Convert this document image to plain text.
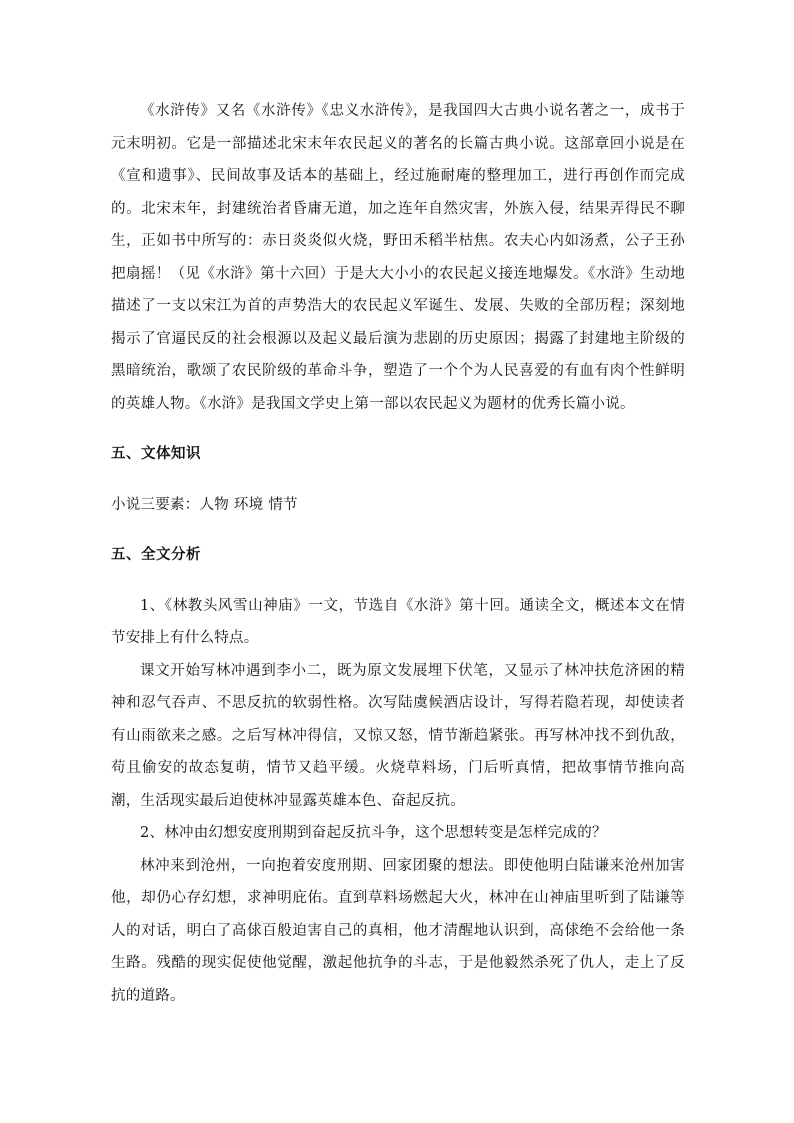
《水浒传》又名《水浒传》《忠义水浒传》，是我国四大古典小说名著之一，成书于元末明初。它是一部描述北宋末年农民起义的著名的长篇古典小说。这部章回小说是在《宣和遗事》、民间故事及话本的基础上，经过施耐庵的整理加工，进行再创作而完成的。北宋末年，封建统治者昏庸无道，加之连年自然灾害，外族入侵，结果弄得民不聊生，正如书中所写的：赤日炎炎似火烧，野田禾稻半枯焦。农夫心内如汤煮，公子王孙把扇摇！（见《水浒》第十六回）于是大大小小的农民起义接连地爆发。《水浒》生动地描述了一支以宋江为首的声势浩大的农民起义军诞生、发展、失败的全部历程；深刻地揭示了官逼民反的社会根源以及起义最后演为悲剧的历史原因；揭露了封建地主阶级的黑暗统治，歌颂了农民阶级的革命斗争，塑造了一个个为人民喜爱的有血有肉个性鲜明的英雄人物。《水浒》是我国文学史上第一部以农民起义为题材的优秀长篇小说。

五、文体知识

小说三要素：人物 环境 情节

五、全文分析

1、《林教头风雪山神庙》一文，节选自《水浒》第十回。通读全文，概述本文在情节安排上有什么特点。

课文开始写林冲遇到李小二，既为原文发展埋下伏笔，又显示了林冲扶危济困的精神和忍气吞声、不思反抗的软弱性格。次写陆虞候酒店设计，写得若隐若现，却使读者有山雨欲来之感。之后写林冲得信，又惊又怒，情节渐趋紧张。再写林冲找不到仇敌，苟且偷安的故态复萌，情节又趋平缓。火烧草料场，门后听真情，把故事情节推向高潮，生活现实最后迫使林冲显露英雄本色、奋起反抗。

2、林冲由幻想安度刑期到奋起反抗斗争，这个思想转变是怎样完成的？

林冲来到沧州，一向抱着安度刑期、回家团聚的想法。即使他明白陆谦来沧州加害他，却仍心存幻想，求神明庇佑。直到草料场燃起大火，林冲在山神庙里听到了陆谦等人的对话，明白了高俅百般迫害自己的真相，他才清醒地认识到，高俅绝不会给他一条生路。残酷的现实促使他觉醒，激起他抗争的斗志，于是他毅然杀死了仇人，走上了反抗的道路。
